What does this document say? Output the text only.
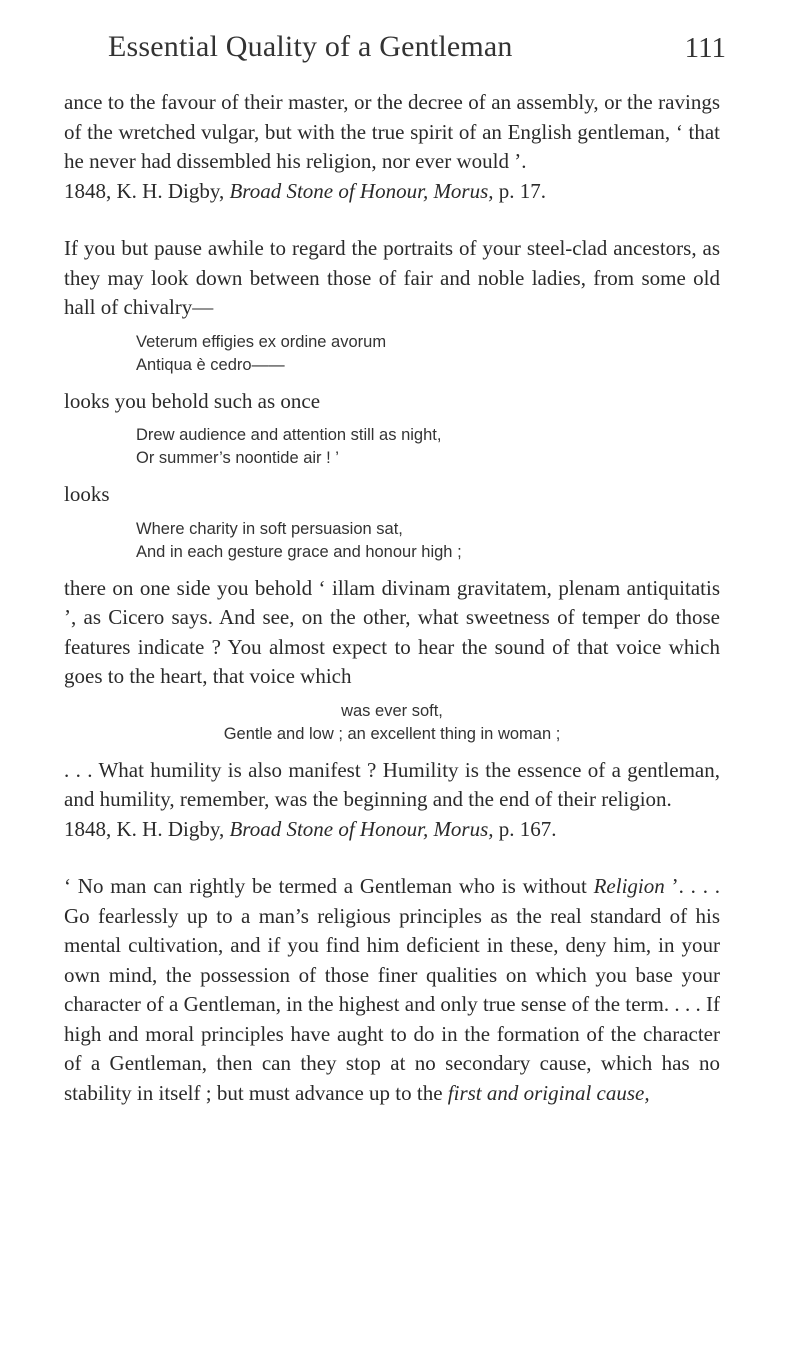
Essential Quality of a Gentleman	111

ance to the favour of their master, or the decree of an assembly, or the ravings of the wretched vulgar, but with the true spirit of an English gentleman, ‘ that he never had dissembled his religion, nor ever would ’.

1848, K. H. Digby, Broad Stone of Honour, Morus, p. 17.

If you but pause awhile to regard the portraits of your steel-clad ancestors, as they may look down between those of fair and noble ladies, from some old hall of chivalry—

Veterum effigies ex ordine avorum
Antiqua è cedro——

looks you behold such as once

Drew audience and attention still as night,
Or summer’s noontide air ! ’

looks

Where charity in soft persuasion sat,
And in each gesture grace and honour high ;

there on one side you behold ‘ illam divinam gravitatem, plenam antiquitatis ’, as Cicero says. And see, on the other, what sweetness of temper do those features indicate ? You almost expect to hear the sound of that voice which goes to the heart, that voice which

was ever soft,
Gentle and low ; an excellent thing in woman ;

. . . What humility is also manifest ? Humility is the essence of a gentleman, and humility, remember, was the beginning and the end of their religion.

1848, K. H. Digby, Broad Stone of Honour, Morus, p. 167.

‘ No man can rightly be termed a Gentleman who is without Religion ’. . . . Go fearlessly up to a man’s religious principles as the real standard of his mental cultivation, and if you find him deficient in these, deny him, in your own mind, the possession of those finer qualities on which you base your character of a Gentleman, in the highest and only true sense of the term. . . . If high and moral principles have aught to do in the formation of the character of a Gentleman, then can they stop at no secondary cause, which has no stability in itself ; but must advance up to the first and original cause,
